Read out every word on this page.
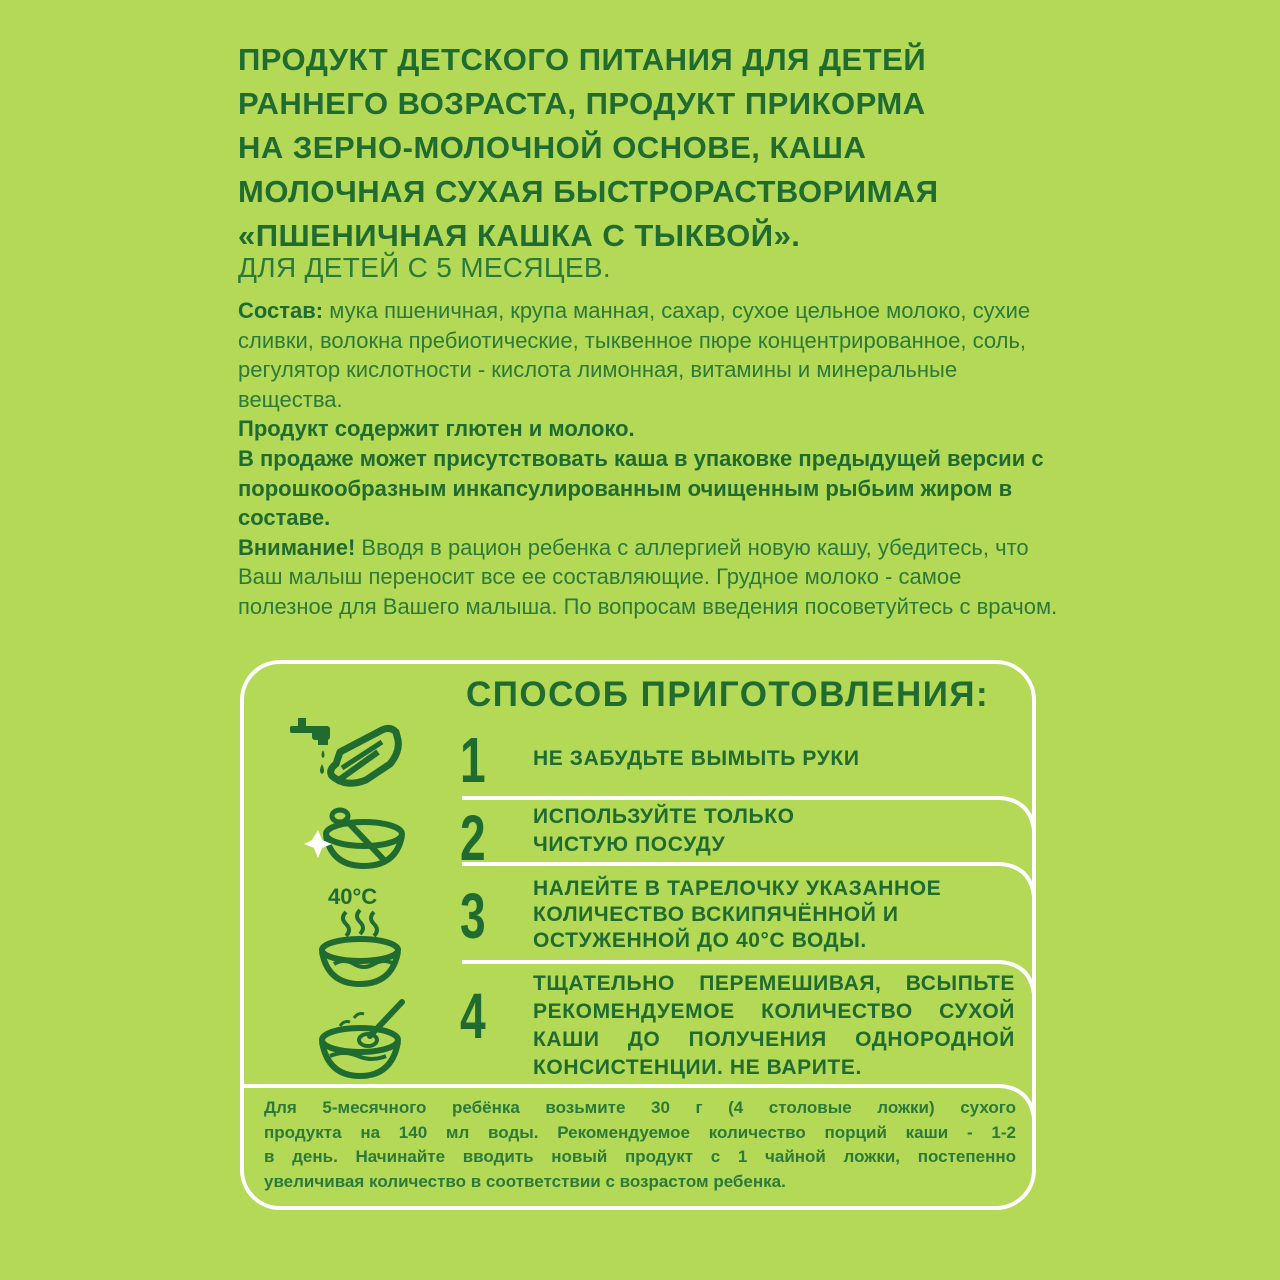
ПРОДУКТ ДЕТСКОГО ПИТАНИЯ ДЛЯ ДЕТЕЙ
РАННЕГО ВОЗРАСТА, ПРОДУКТ ПРИКОРМА
НА ЗЕРНО-МОЛОЧНОЙ ОСНОВЕ, КАША
МОЛОЧНАЯ СУХАЯ БЫСТРОРАСТВОРИМАЯ
«ПШЕНИЧНАЯ КАШКА С ТЫКВОЙ».
ДЛЯ ДЕТЕЙ С 5 МЕСЯЦЕВ.

Состав: мука пшеничная, крупа манная, сахар, сухое цельное молоко, сухие сливки, волокна пребиотические, тыквенное пюре концентрированное, соль, регулятор кислотности - кислота лимонная, витамины и минеральные вещества.

Продукт содержит глютен и молоко.

В продаже может присутствовать каша в упаковке предыдущей версии с порошкообразным инкапсулированным очищенным рыбьим жиром в составе.

Внимание! Вводя в рацион ребенка с аллергией новую кашу, убедитесь, что Ваш малыш переносит все ее составляющие. Грудное молоко - самое полезное для Вашего малыша. По вопросам введения посоветуйтесь с врачом.

СПОСОБ ПРИГОТОВЛЕНИЯ:
40°C
1 НЕ ЗАБУДЬТЕ ВЫМЫТЬ РУКИ
2 ИСПОЛЬЗУЙТЕ ТОЛЬКО
ЧИСТУЮ ПОСУДУ
3 НАЛЕЙТЕ В ТАРЕЛОЧКУ УКАЗАННОЕ
КОЛИЧЕСТВО ВСКИПЯЧЁННОЙ И
ОСТУЖЕННОЙ ДО 40°С ВОДЫ.
4 ТЩАТЕЛЬНО ПЕРЕМЕШИВАЯ, ВСЫПЬТЕ
РЕКОМЕНДУЕМОЕ КОЛИЧЕСТВО СУХОЙ
КАШИ ДО ПОЛУЧЕНИЯ ОДНОРОДНОЙ
КОНСИСТЕНЦИИ. НЕ ВАРИТЕ.
Для 5-месячного ребёнка возьмите 30 г (4 столовые ложки) сухого
продукта на 140 мл воды. Рекомендуемое количество порций каши - 1-2
в день. Начинайте вводить новый продукт с 1 чайной ложки, постепенно
увеличивая количество в соответствии с возрастом ребенка.
